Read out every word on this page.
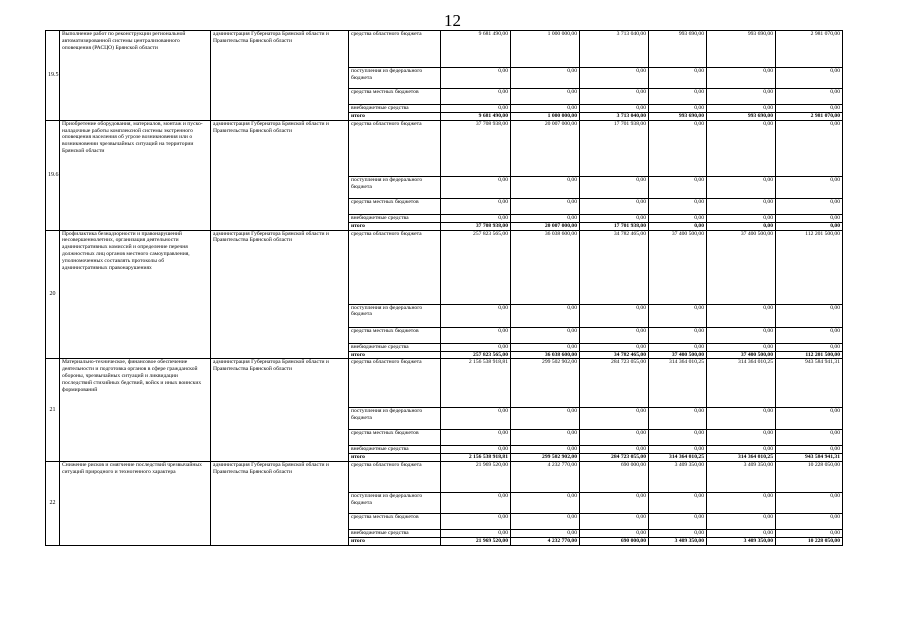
12
19.5	Выполнение работ по реконструкции региональной автоматизированной системы централизованного оповещения (РАСЦО) Брянской области	администрация Губернатора Брянской области и Правительства Брянской области	средства областного бюджета	9 681 490,00	1 000 000,00	3 713 040,00	993 690,00	993 690,00	2 981 070,00
			поступления из федерального бюджета	0,00	0,00	0,00	0,00	0,00	0,00
			средства местных бюджетов	0,00	0,00	0,00	0,00	0,00	0,00
			внебюджетные средства	0,00	0,00	0,00	0,00	0,00	0,00
			итого	9 681 490,00	1 000 000,00	3 713 040,00	993 690,00	993 690,00	2 981 070,00
19.6	Приобретение оборудования, материалов, монтаж и пуско-наладочные работы комплексной системы экстренного оповещения населения об угрозе возникновения или о возникновении чрезвычайных ситуаций на территории Брянской области	администрация Губернатора Брянской области и Правительства Брянской области	средства областного бюджета	37 708 938,00	20 007 000,00	17 701 938,00	0,00	0,00	0,00
			поступления из федерального бюджета	0,00	0,00	0,00	0,00	0,00	0,00
			средства местных бюджетов	0,00	0,00	0,00	0,00	0,00	0,00
			внебюджетные средства	0,00	0,00	0,00	0,00	0,00	0,00
			итого	37 708 938,00	20 007 000,00	17 701 938,00	0,00	0,00	0,00
20	Профилактика безнадзорности и правонарушений несовершеннолетних, организация деятельности административных комиссий и определение перечня должностных лиц органов местного самоуправления, уполномоченных составлять протоколы об административных правонарушениях	администрация Губернатора Брянской области и Правительства Брянской области	средства областного бюджета	257 823 565,00	36 038 600,00	34 782 465,00	37 400 500,00	37 400 500,00	112 201 500,00
			поступления из федерального бюджета	0,00	0,00	0,00	0,00	0,00	0,00
			средства местных бюджетов	0,00	0,00	0,00	0,00	0,00	0,00
			внебюджетные средства	0,00	0,00	0,00	0,00	0,00	0,00
			итого	257 823 565,00	36 038 600,00	34 782 465,00	37 400 500,00	37 400 500,00	112 201 500,00
21	Материально-техническое, финансовое обеспечение деятельности и подготовка органов в сфере гражданской обороны, чрезвычайных ситуаций и ликвидации последствий стихийных бедствий, войск и иных воинских формирований	администрация Губернатора Брянской области и Правительства Брянской области	средства областного бюджета	2 156 538 918,81	299 502 902,00	284 723 055,00	314 364 010,25	314 364 010,25	943 584 941,31
			поступления из федерального бюджета	0,00	0,00	0,00	0,00	0,00	0,00
			средства местных бюджетов	0,00	0,00	0,00	0,00	0,00	0,00
			внебюджетные средства	0,00	0,00	0,00	0,00	0,00	0,00
			итого	2 156 538 918,81	299 502 902,00	284 723 055,00	314 364 010,25	314 364 010,25	943 584 941,31
22	Снижение рисков и смягчение последствий чрезвычайных ситуаций природного и техногенного характера	администрация Губернатора Брянской области и Правительства Брянской области	средства областного бюджета	21 969 520,00	4 232 770,00	690 000,00	3 409 350,00	3 409 350,00	10 228 050,00
			поступления из федерального бюджета	0,00	0,00	0,00	0,00	0,00	0,00
			средства местных бюджетов	0,00	0,00	0,00	0,00	0,00	0,00
			внебюджетные средства	0,00	0,00	0,00	0,00	0,00	0,00
			итого	21 969 520,00	4 232 770,00	690 000,00	3 409 350,00	3 409 350,00	10 228 050,00
